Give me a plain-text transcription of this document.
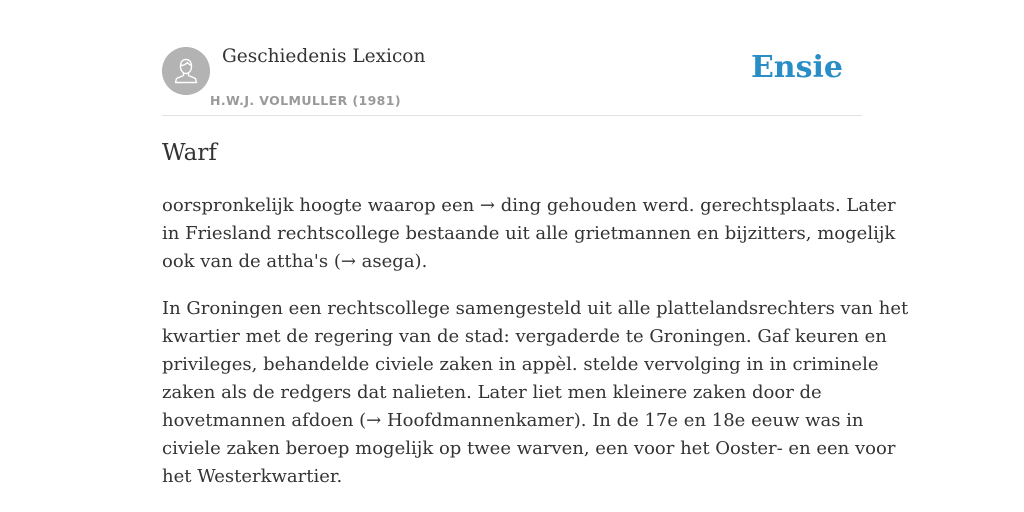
Geschiedenis Lexicon
H.W.J. VOLMULLER (1981)
Ensie
Warf

oorspronkelijk hoogte waarop een → ding gehouden werd. gerechtsplaats. Later
in Friesland rechtscollege bestaande uit alle grietmannen en bijzitters, mogelijk
ook van de attha's (→ asega).

In Groningen een rechtscollege samengesteld uit alle plattelandsrechters van het
kwartier met de regering van de stad: vergaderde te Groningen. Gaf keuren en
privileges, behandelde civiele zaken in appèl. stelde vervolging in in criminele
zaken als de redgers dat nalieten. Later liet men kleinere zaken door de
hovetmannen afdoen (→ Hoofdmannenkamer). In de 17e en 18e eeuw was in
civiele zaken beroep mogelijk op twee warven, een voor het Ooster- en een voor
het Westerkwartier.
